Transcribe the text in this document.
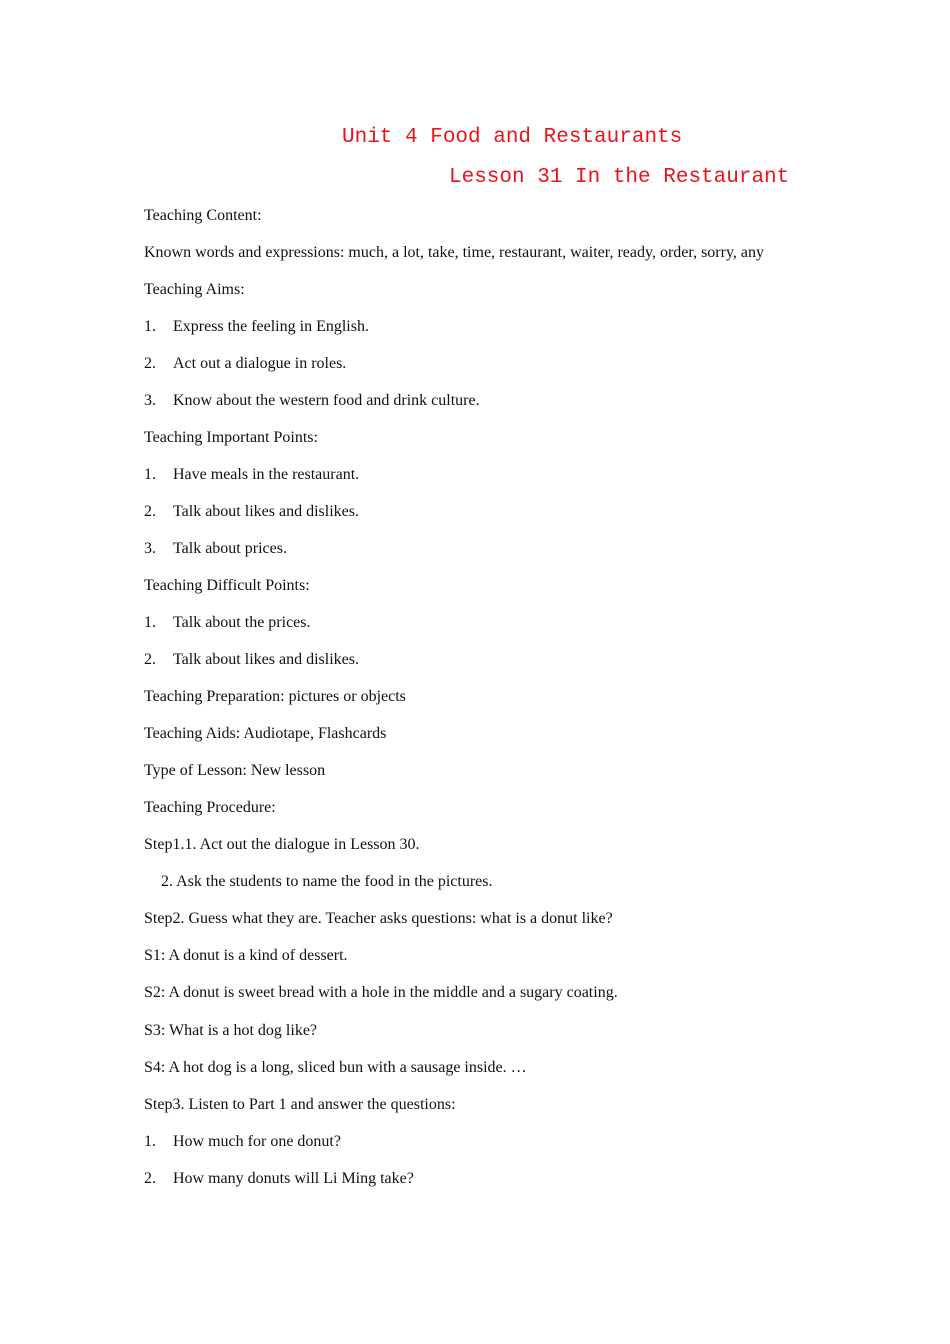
Unit 4 Food and Restaurants
Lesson 31 In the Restaurant
Teaching Content:
Known words and expressions: much, a lot, take, time, restaurant, waiter, ready, order, sorry, any
Teaching Aims:
1. Express the feeling in English.
2. Act out a dialogue in roles.
3. Know about the western food and drink culture.
Teaching Important Points:
1. Have meals in the restaurant.
2. Talk about likes and dislikes.
3. Talk about prices.
Teaching Difficult Points:
1. Talk about the prices.
2. Talk about likes and dislikes.
Teaching Preparation: pictures or objects
Teaching Aids: Audiotape, Flashcards
Type of Lesson: New lesson
Teaching Procedure:
Step1.1. Act out the dialogue in Lesson 30.
2. Ask the students to name the food in the pictures.
Step2. Guess what they are. Teacher asks questions: what is a donut like?
S1: A donut is a kind of dessert.
S2: A donut is sweet bread with a hole in the middle and a sugary coating.
S3: What is a hot dog like?
S4: A hot dog is a long, sliced bun with a sausage inside. …
Step3. Listen to Part 1 and answer the questions:
1. How much for one donut?
2. How many donuts will Li Ming take?
